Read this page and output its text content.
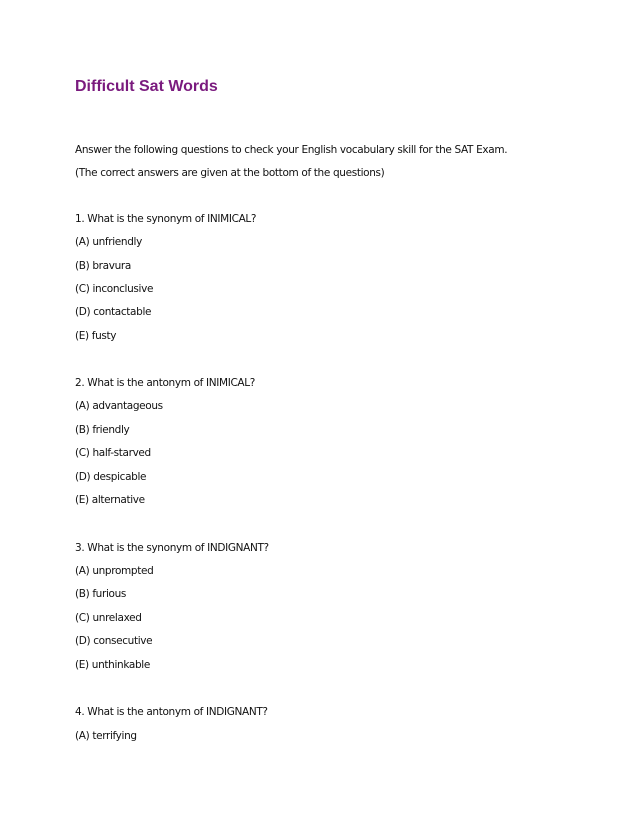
Difficult Sat Words

Answer the following questions to check your English vocabulary skill for the SAT Exam.

(The correct answers are given at the bottom of the questions)

1. What is the synonym of INIMICAL?

(A) unfriendly

(B) bravura

(C) inconclusive

(D) contactable

(E) fusty

2. What is the antonym of INIMICAL?

(A) advantageous

(B) friendly

(C) half-starved

(D) despicable

(E) alternative

3. What is the synonym of INDIGNANT?

(A) unprompted

(B) furious

(C) unrelaxed

(D) consecutive

(E) unthinkable

4. What is the antonym of INDIGNANT?

(A) terrifying
